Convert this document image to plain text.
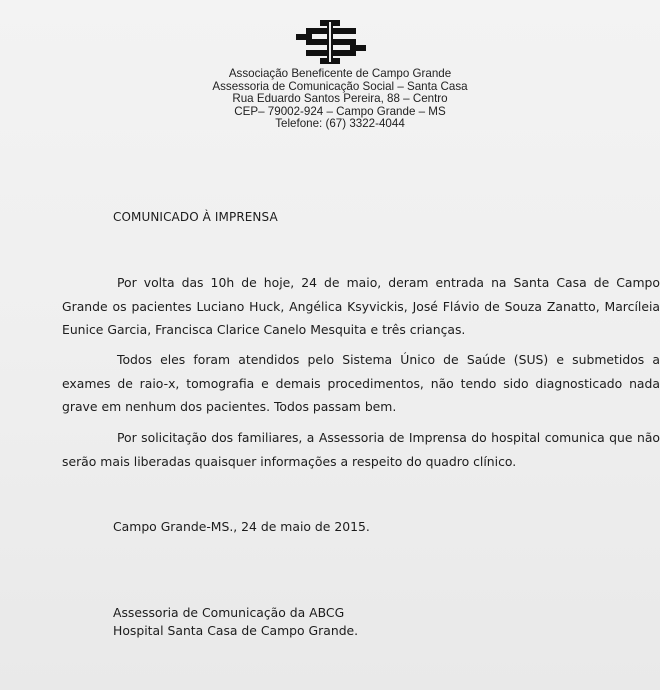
Associação Beneficente de Campo Grande
Assessoria de Comunicação Social – Santa Casa
Rua Eduardo Santos Pereira, 88 – Centro
CEP– 79002-924 – Campo Grande – MS
Telefone: (67) 3322-4044
COMUNICADO À IMPRENSA

Por volta das 10h de hoje, 24 de maio, deram entrada na Santa Casa de Campo Grande os pacientes Luciano Huck, Angélica Ksyvickis, José Flávio de Souza Zanatto, Marcíleia Eunice Garcia, Francisca Clarice Canelo Mesquita e três crianças.

Todos eles foram atendidos pelo Sistema Único de Saúde (SUS) e submetidos a exames de raio-x, tomografia e demais procedimentos, não tendo sido diagnosticado nada grave em nenhum dos pacientes. Todos passam bem.

Por solicitação dos familiares, a Assessoria de Imprensa do hospital comunica que não serão mais liberadas quaisquer informações a respeito do quadro clínico.

Campo Grande-MS., 24 de maio de 2015.
Assessoria de Comunicação da ABCG
Hospital Santa Casa de Campo Grande.
